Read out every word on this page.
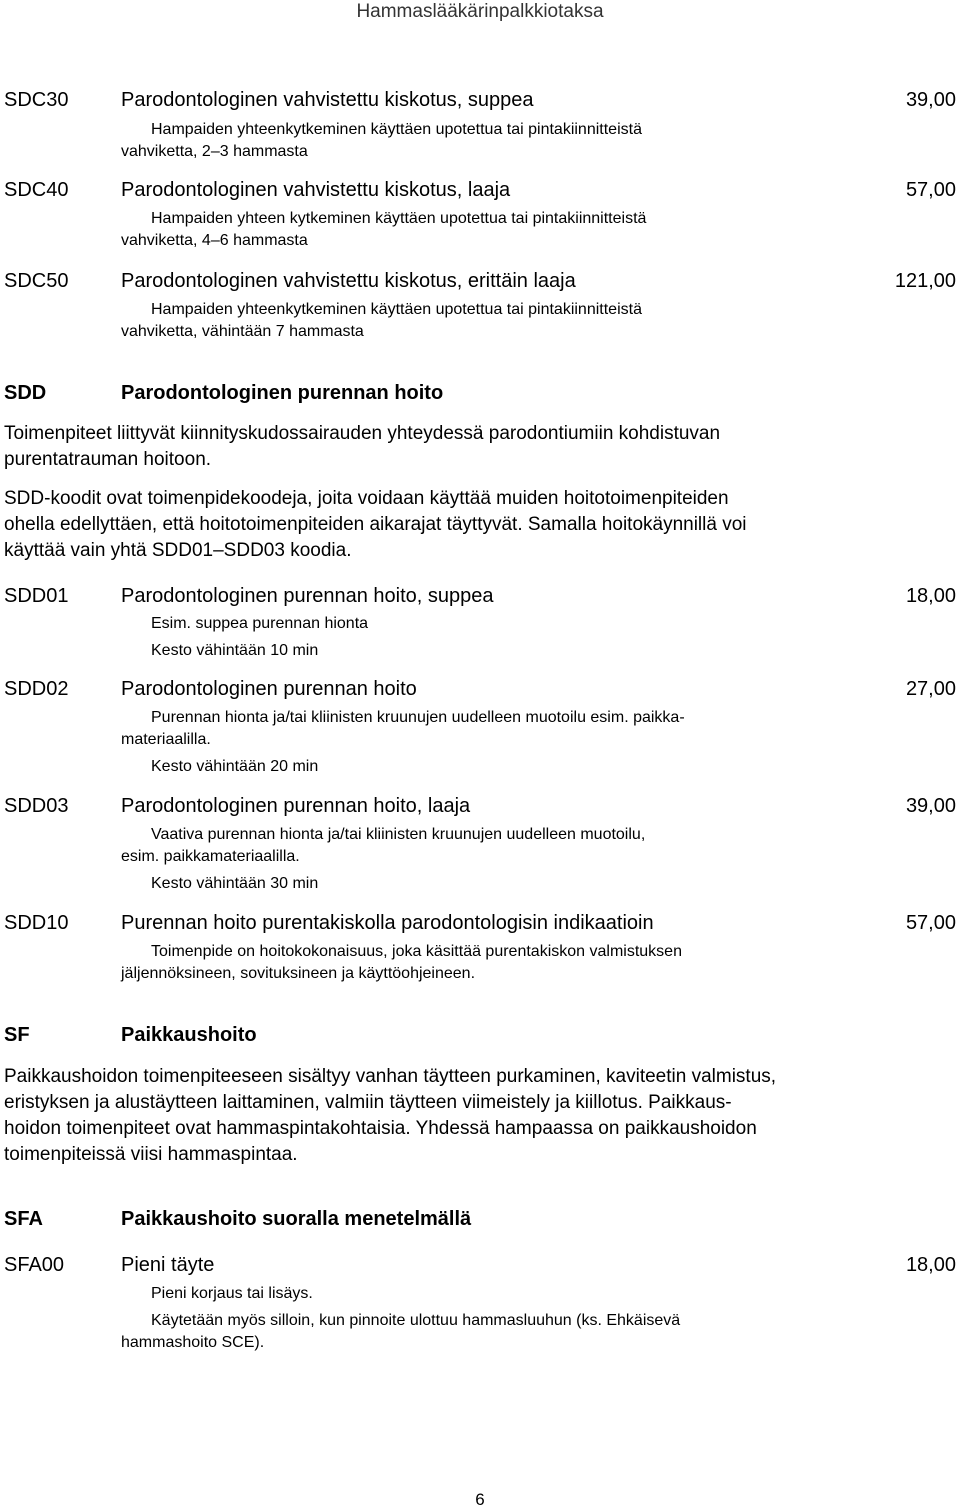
Hammaslääkärinpalkkiotaksa
SDC30	Parodontologinen vahvistettu kiskotus, suppea	39,00
Hampaiden yhteenkytkeminen käyttäen upotettua tai pintakiinnitteistä
vahviketta, 2–3 hammasta
SDC40	Parodontologinen vahvistettu kiskotus, laaja	57,00
Hampaiden yhteen kytkeminen käyttäen upotettua tai pintakiinnitteistä
vahviketta, 4–6 hammasta
SDC50	Parodontologinen vahvistettu kiskotus, erittäin laaja	121,00
Hampaiden yhteenkytkeminen käyttäen upotettua tai pintakiinnitteistä
vahviketta, vähintään 7 hammasta
SDD	Parodontologinen purennan hoito
Toimenpiteet liittyvät kiinnityskudossairauden yhteydessä parodontiumiin kohdistuvan
purentatrauman hoitoon.
SDD-koodit ovat toimenpidekoodeja, joita voidaan käyttää muiden hoitotoimenpiteiden
ohella edellyttäen, että hoitotoimenpiteiden aikarajat täyttyvät. Samalla hoitokäynnillä voi
käyttää vain yhtä SDD01–SDD03 koodia.
SDD01	Parodontologinen purennan hoito, suppea	18,00
Esim. suppea purennan hionta
Kesto vähintään 10 min
SDD02	Parodontologinen purennan hoito	27,00
Purennan hionta ja/tai kliinisten kruunujen uudelleen muotoilu esim. paikka-
materiaalilla.
Kesto vähintään 20 min
SDD03	Parodontologinen purennan hoito, laaja	39,00
Vaativa purennan hionta ja/tai kliinisten kruunujen uudelleen muotoilu,
esim. paikkamateriaalilla.
Kesto vähintään 30 min
SDD10	Purennan hoito purentakiskolla parodontologisin indikaatioin	57,00
Toimenpide on hoitokokonaisuus, joka käsittää purentakiskon valmistuksen
jäljennöksineen, sovituksineen ja käyttöohjeineen.
SF	Paikkaushoito
Paikkaushoidon toimenpiteeseen sisältyy vanhan täytteen purkaminen, kaviteetin valmistus,
eristyksen ja alustäytteen laittaminen, valmiin täytteen viimeistely ja kiillotus. Paikkaus-
hoidon toimenpiteet ovat hammaspintakohtaisia. Yhdessä hampaassa on paikkaushoidon
toimenpiteissä viisi hammaspintaa.
SFA	Paikkaushoito suoralla menetelmällä
SFA00	Pieni täyte	18,00
Pieni korjaus tai lisäys.
Käytetään myös silloin, kun pinnoite ulottuu hammasluuhun (ks. Ehkäisevä
hammashoito SCE).
6
